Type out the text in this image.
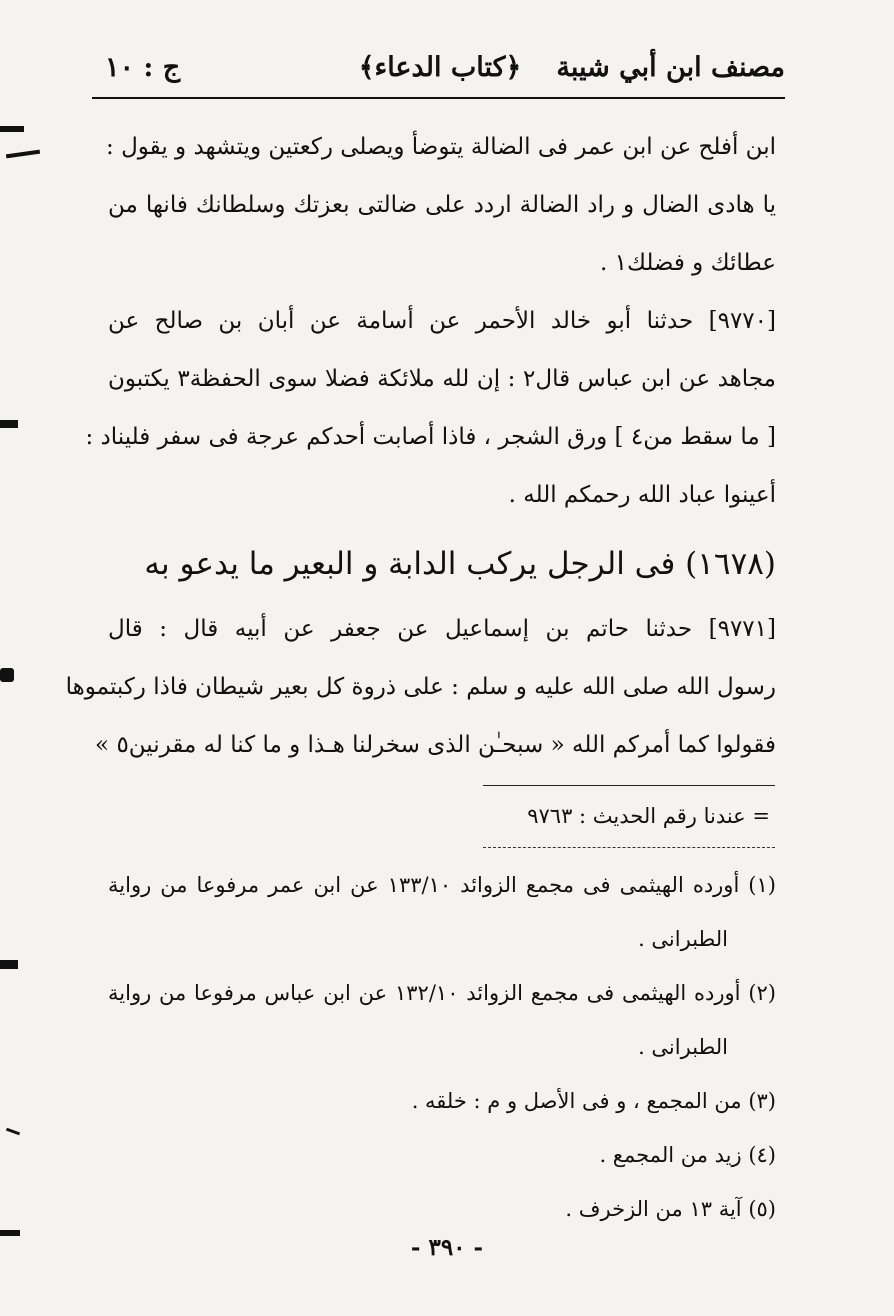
مصنف ابن أبي شيبة
﴿كتاب الدعاء﴾
ج : ١٠
ابن أفلح عن ابن عمر فى الضالة يتوضأ ويصلى ركعتين ويتشهد و يقول :
يا هادى الضال و راد الضالة اردد على ضالتى بعزتك وسلطانك فانها من
عطائك و فضلك١ .
[٩٧٧٠] حدثنا أبو خالد الأحمر عن أسامة عن أبان بن صالح عن
مجاهد عن ابن عباس قال٢ : إن لله ملائكة فضلا سوى الحفظة٣ يكتبون
[ ما سقط من٤ ] ورق الشجر ، فاذا أصابت أحدكم عرجة فى سفر فليناد :
أعينوا عباد الله رحمكم الله .
(١٦٧٨) فى الرجل يركب الدابة و البعير ما يدعو به
[٩٧٧١] حدثنا حاتم بن إسماعيل عن جعفر عن أبيه قال : قال
رسول الله صلى الله عليه و سلم : على ذروة كل بعير شيطان فاذا ركبتموها
فقولوا كما أمركم الله « سبحـٰن الذى سخرلنا هـذا و ما كنا له مقرنين٥ »
= عندنا رقم الحديث : ٩٧٦٣
(١) أورده الهيثمى فى مجمع الزوائد ١٣٣/١٠ عن ابن عمر مرفوعا من رواية
الطبرانى .
(٢) أورده الهيثمى فى مجمع الزوائد ١٣٢/١٠ عن ابن عباس مرفوعا من رواية
الطبرانى .
(٣) من المجمع ، و فى الأصل و م : خلقه .
(٤) زيد من المجمع .
(٥) آية ١٣ من الزخرف .
- ٣٩٠ -
